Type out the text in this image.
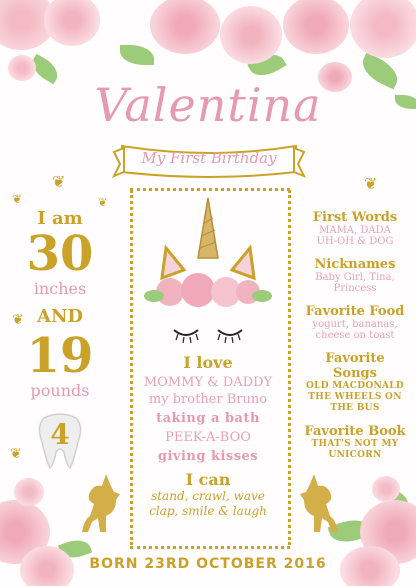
Valentina
My First Birthday
❦
❦
❦
❦
❦
❦
I am
30
inches
AND
19
pounds
4
I love
MOMMY & DADDY
my brother Bruno
taking a bath
PEEK-A-BOO
giving kisses
I can
stand, crawl, wave
clap, smile & laugh
First Words
MAMA, DADA
UH-OH & DOG
Nicknames
Baby Girl, Tina,
Princess
Favorite Food
yogurt, bananas,
cheese on toast
Favorite Songs
OLD MACDONALD
THE WHEELS ON THE BUS
Favorite Book
THAT'S NOT MY
UNICORN
BORN 23RD OCTOBER 2016
